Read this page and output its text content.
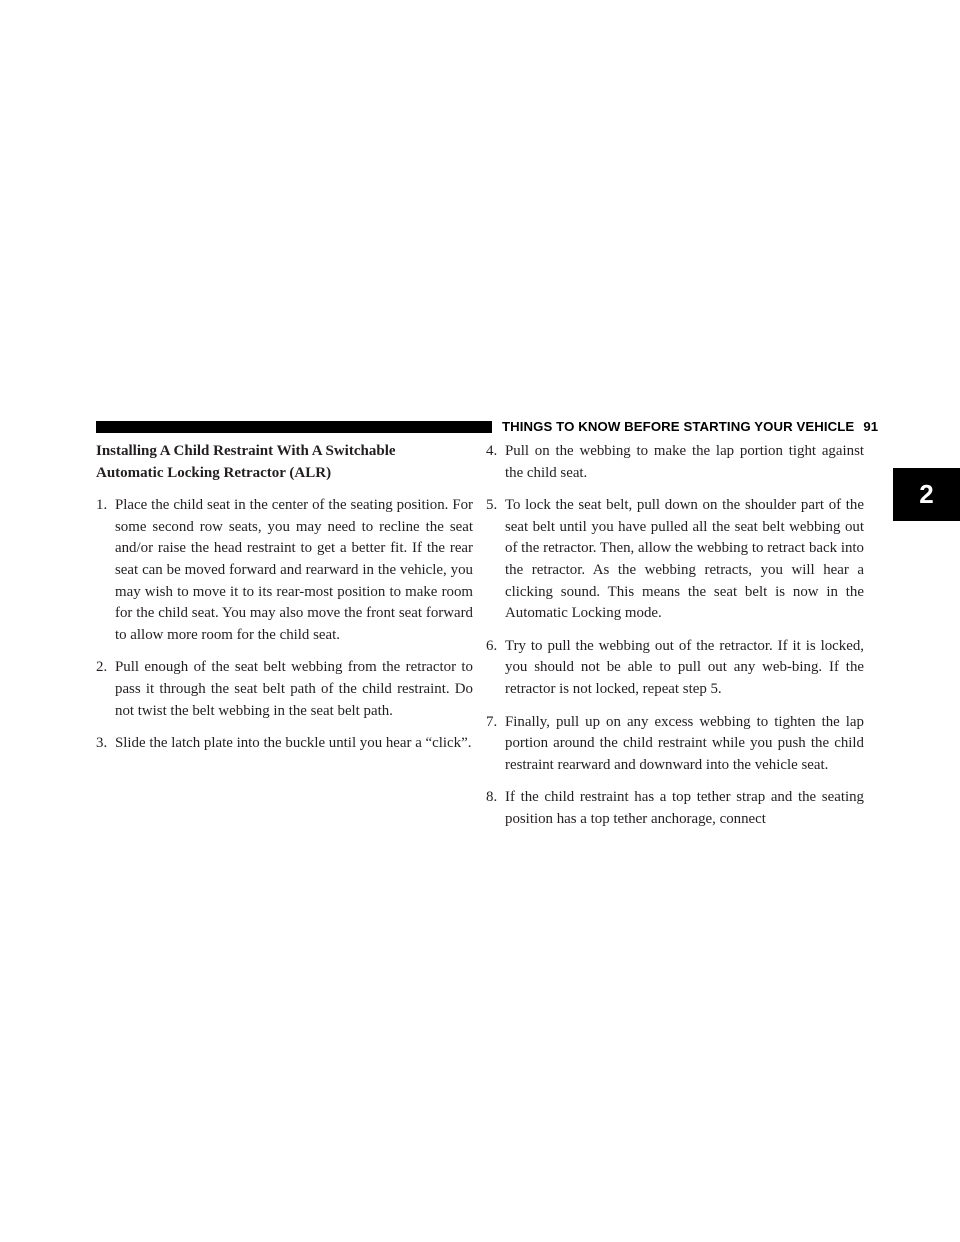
THINGS TO KNOW BEFORE STARTING YOUR VEHICLE 91
2
Installing A Child Restraint With A Switchable
Automatic Locking Retractor (ALR)
1. Place the child seat in the center of the seating position. For some second row seats, you may need to recline the seat and/or raise the head restraint to get a better fit. If the rear seat can be moved forward and rearward in the vehicle, you may wish to move it to its rear-most position to make room for the child seat. You may also move the front seat forward to allow more room for the child seat.
2. Pull enough of the seat belt webbing from the retractor to pass it through the seat belt path of the child restraint. Do not twist the belt webbing in the seat belt path.
3. Slide the latch plate into the buckle until you hear a “click”.
4. Pull on the webbing to make the lap portion tight against the child seat.
5. To lock the seat belt, pull down on the shoulder part of the seat belt until you have pulled all the seat belt webbing out of the retractor. Then, allow the webbing to retract back into the retractor. As the webbing retracts, you will hear a clicking sound. This means the seat belt is now in the Automatic Locking mode.
6. Try to pull the webbing out of the retractor. If it is locked, you should not be able to pull out any web-bing. If the retractor is not locked, repeat step 5.
7. Finally, pull up on any excess webbing to tighten the lap portion around the child restraint while you push the child restraint rearward and downward into the vehicle seat.
8. If the child restraint has a top tether strap and the seating position has a top tether anchorage, connect
